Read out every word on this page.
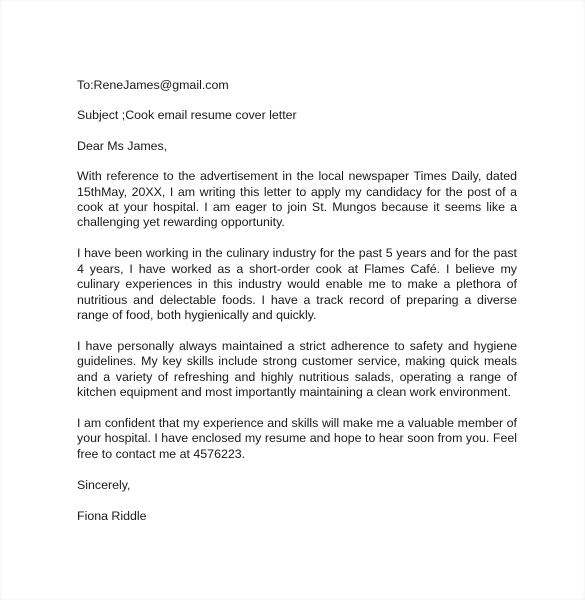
To:ReneJames@gmail.com

Subject ;Cook email resume cover letter

Dear Ms James,

With reference to the advertisement in the local newspaper Times Daily, dated 15thMay, 20XX, I am writing this letter to apply my candidacy for the post of a cook at your hospital. I am eager to join St. Mungos because it seems like a challenging yet rewarding opportunity.

I have been working in the culinary industry for the past 5 years and for the past 4 years, I have worked as a short-order cook at Flames Café. I believe my culinary experiences in this industry would enable me to make a plethora of nutritious and delectable foods. I have a track record of preparing a diverse range of food, both hygienically and quickly.

I have personally always maintained a strict adherence to safety and hygiene guidelines. My key skills include strong customer service, making quick meals and a variety of refreshing and highly nutritious salads, operating a range of kitchen equipment and most importantly maintaining a clean work environment.

I am confident that my experience and skills will make me a valuable member of your hospital. I have enclosed my resume and hope to hear soon from you. Feel free to contact me at 4576223.

Sincerely,

Fiona Riddle
